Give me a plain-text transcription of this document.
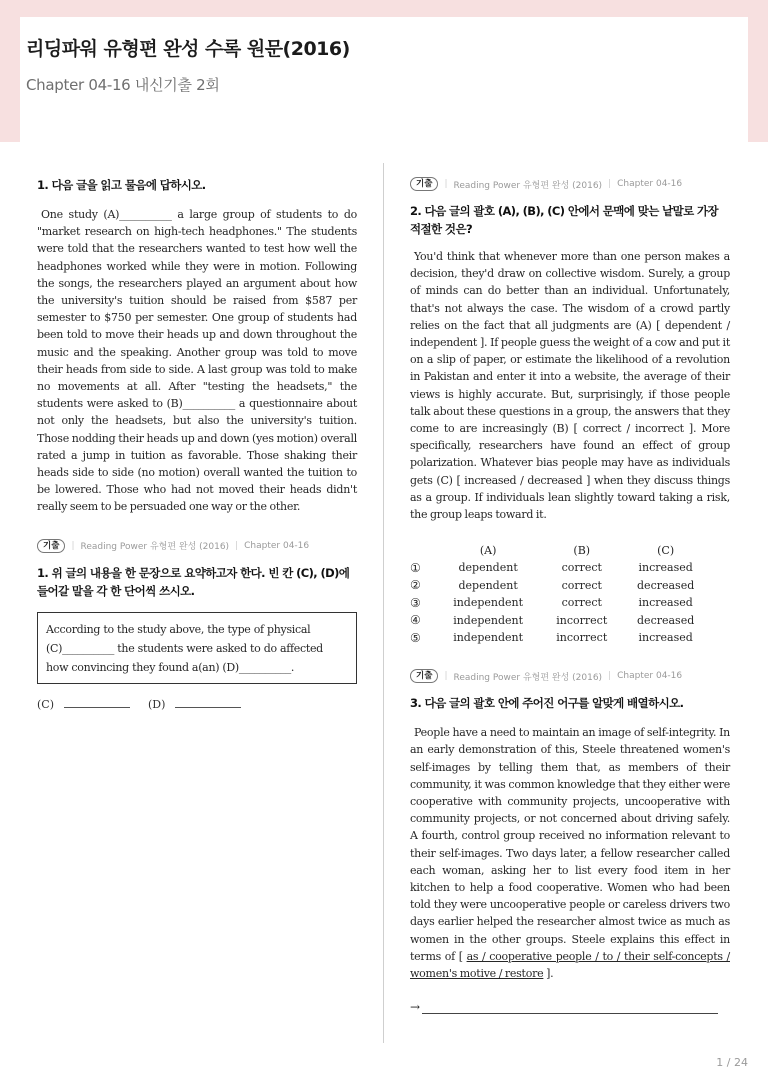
리딩파워 유형편 완성 수록 원문(2016)
Chapter 04-16 내신기출 2회
1. 다음 글을 읽고 물음에 답하시오.
One study (A)__________ a large group of students to do "market research on high-tech headphones." The students were told that the researchers wanted to test how well the headphones worked while they were in motion. Following the songs, the researchers played an argument about how the university's tuition should be raised from $587 per semester to $750 per semester. One group of students had been told to move their heads up and down throughout the music and the speaking. Another group was told to move their heads from side to side. A last group was told to make no movements at all. After "testing the headsets," the students were asked to (B)__________ a questionnaire about not only the headsets, but also the university's tuition. Those nodding their heads up and down (yes motion) overall rated a jump in tuition as favorable. Those shaking their heads side to side (no motion) overall wanted the tuition to be lowered. Those who had not moved their heads didn't really seem to be persuaded one way or the other.
기출	| Reading Power 유형편 완성 (2016) | Chapter 04-16
1. 위 글의 내용을 한 문장으로 요약하고자 한다. 빈 칸 (C), (D)에 들어갈 말을 각 한 단어씩 쓰시오.
According to the study above, the type of physical (C)__________ the students were asked to do affected how convincing they found a(an) (D)__________.
(C)	(D)
기출	| Reading Power 유형편 완성 (2016) | Chapter 04-16
2. 다음 글의 괄호 (A), (B), (C) 안에서 문맥에 맞는 낱말로 가장 적절한 것은?
You'd think that whenever more than one person makes a decision, they'd draw on collective wisdom. Surely, a group of minds can do better than an individual. Unfortunately, that's not always the case. The wisdom of a crowd partly relies on the fact that all judgments are (A) [ dependent / independent ]. If people guess the weight of a cow and put it on a slip of paper, or estimate the likelihood of a revolution in Pakistan and enter it into a website, the average of their views is highly accurate. But, surprisingly, if those people talk about these questions in a group, the answers that they come to are increasingly (B) [ correct / incorrect ]. More specifically, researchers have found an effect of group polarization. Whatever bias people may have as individuals gets (C) [ increased / decreased ] when they discuss things as a group. If individuals lean slightly toward taking a risk, the group leaps toward it.
	(A)	(B)	(C)
①	dependent	correct	increased
②	dependent	correct	decreased
③	independent	correct	increased
④	independent	incorrect	decreased
⑤	independent	incorrect	increased
기출	| Reading Power 유형편 완성 (2016) | Chapter 04-16
3. 다음 글의 괄호 안에 주어진 어구를 알맞게 배열하시오.
People have a need to maintain an image of self-integrity. In an early demonstration of this, Steele threatened women's self-images by telling them that, as members of their community, it was common knowledge that they either were cooperative with community projects, uncooperative with community projects, or not concerned about driving safely. A fourth, control group received no information relevant to their self-images. Two days later, a fellow researcher called each woman, asking her to list every food item in her kitchen to help a food cooperative. Women who had been told they were uncooperative people or careless drivers two days earlier helped the researcher almost twice as much as women in the other groups. Steele explains this effect in terms of [ as / cooperative people / to / their self-concepts / women's motive / restore ].
→
1 / 24
